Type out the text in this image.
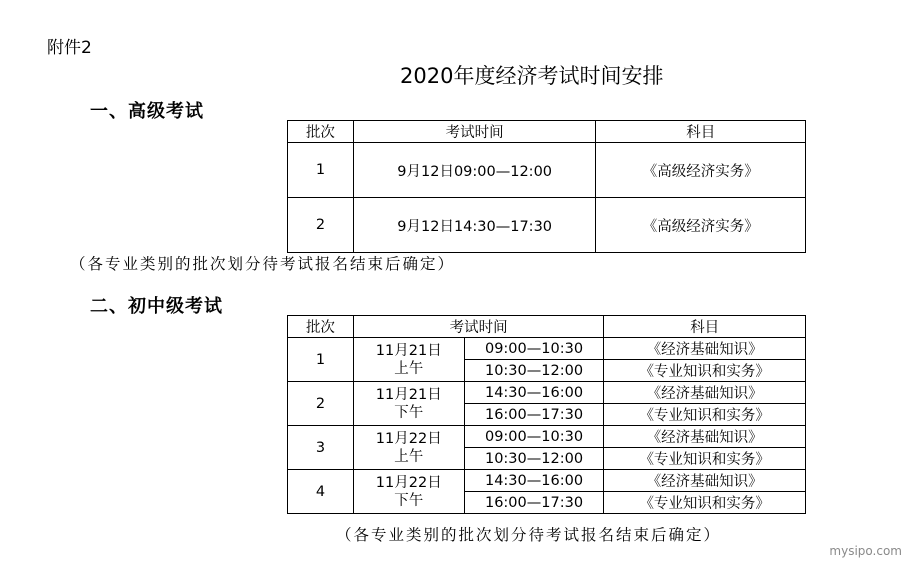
附件2
2020年度经济考试时间安排
一、高级考试
批次	考试时间	科目
1	9月12日09:00—12:00	《高级经济实务》
2	9月12日14:30—17:30	《高级经济实务》
（各专业类别的批次划分待考试报名结束后确定）
二、初中级考试
批次	考试时间		科目
1	11月21日
上午	09:00—10:30	《经济基础知识》
		10:30—12:00	《专业知识和实务》
2	11月21日
下午	14:30—16:00	《经济基础知识》
		16:00—17:30	《专业知识和实务》
3	11月22日
上午	09:00—10:30	《经济基础知识》
		10:30—12:00	《专业知识和实务》
4	11月22日
下午	14:30—16:00	《经济基础知识》
		16:00—17:30	《专业知识和实务》
（各专业类别的批次划分待考试报名结束后确定）
mysipo.com
